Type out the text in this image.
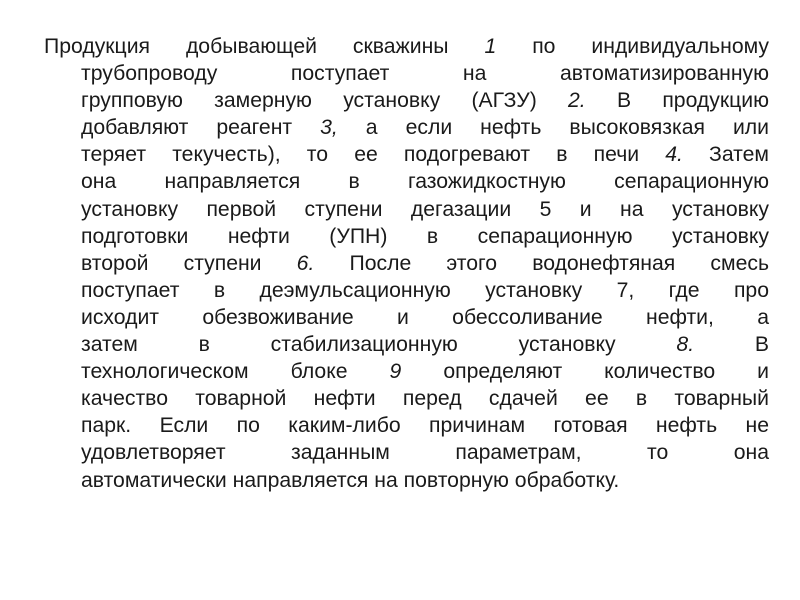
Продукция добывающей скважины 1 по индивидуальному
трубопроводу поступает на автоматизированную
групповую замерную установку (АГЗУ) 2. В продукцию
добавляют реагент 3, а если нефть высоковязкая или
теряет текучесть), то ее подогревают в печи 4. Затем
она направляется в газожидкостную сепарационную
установку первой ступени дегазации 5 и на установку
подготовки нефти (УПН) в сепарационную установку
второй ступени 6. После этого водонефтяная смесь
поступает в деэмульсационную установку 7, где про
исходит обезвоживание и обессоливание нефти, а
затем в стабилизационную установку 8. В
технологическом блоке 9 определяют количество и
качество товарной нефти перед сдачей ее в товарный
парк. Если по каким-либо причинам готовая нефть не
удовлетворяет заданным параметрам, то она
автоматически направляется на повторную обработку.
